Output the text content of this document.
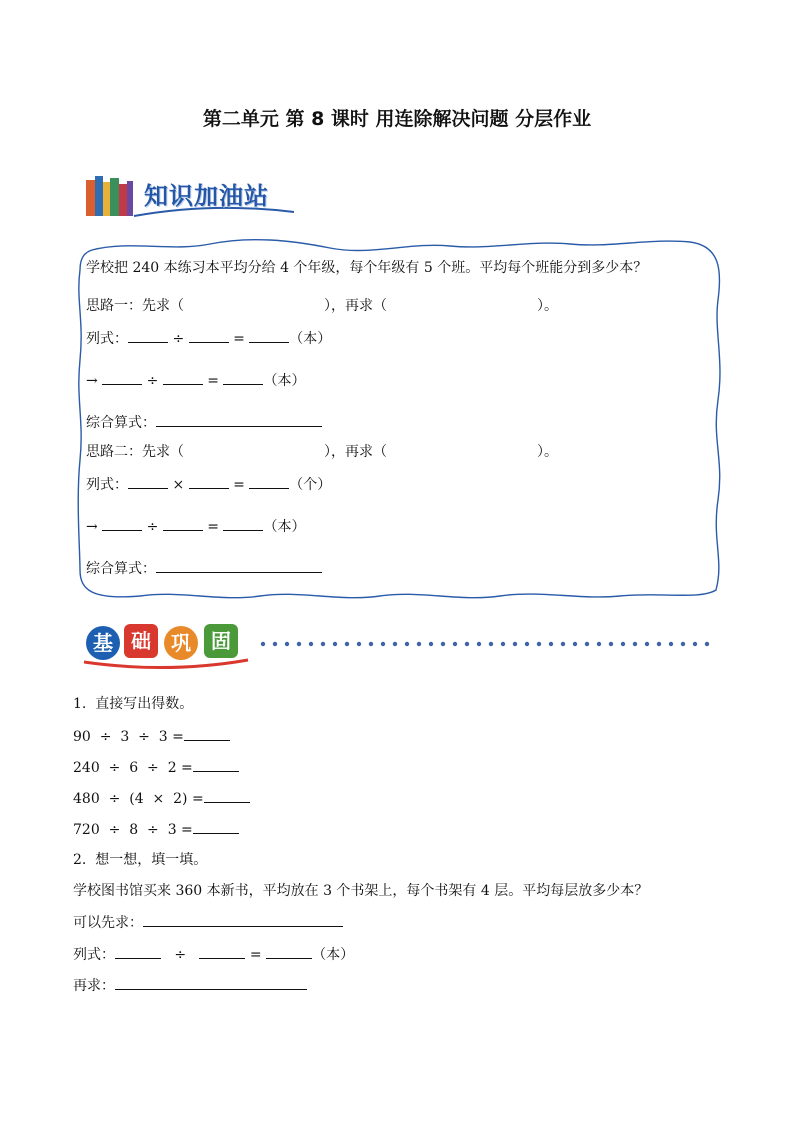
第二单元 第 8 课时 用连除解决问题 分层作业
知识加油站
学校把 240 本练习本平均分给 4 个年级，每个年级有 5 个班。平均每个班能分到多少本？
思路一：先求（	），再求（	）。
列式：	÷	=	（本）
→	÷	=	（本）
综合算式：
思路二：先求（	），再求（	）。
列式：	×	=	（个）
→	÷	=	（本）
综合算式：
基 础	巩	固
1.  直接写出得数。
90  ÷  3  ÷  3 =
240  ÷  6  ÷  2 =
480  ÷  (4  ×  2) =
720  ÷  8  ÷  3 =
2.  想一想，填一填。
学校图书馆买来 360 本新书，平均放在 3 个书架上，每个书架有 4 层。平均每层放多少本？
可以先求：
列式：	÷	=	（本）
再求：
